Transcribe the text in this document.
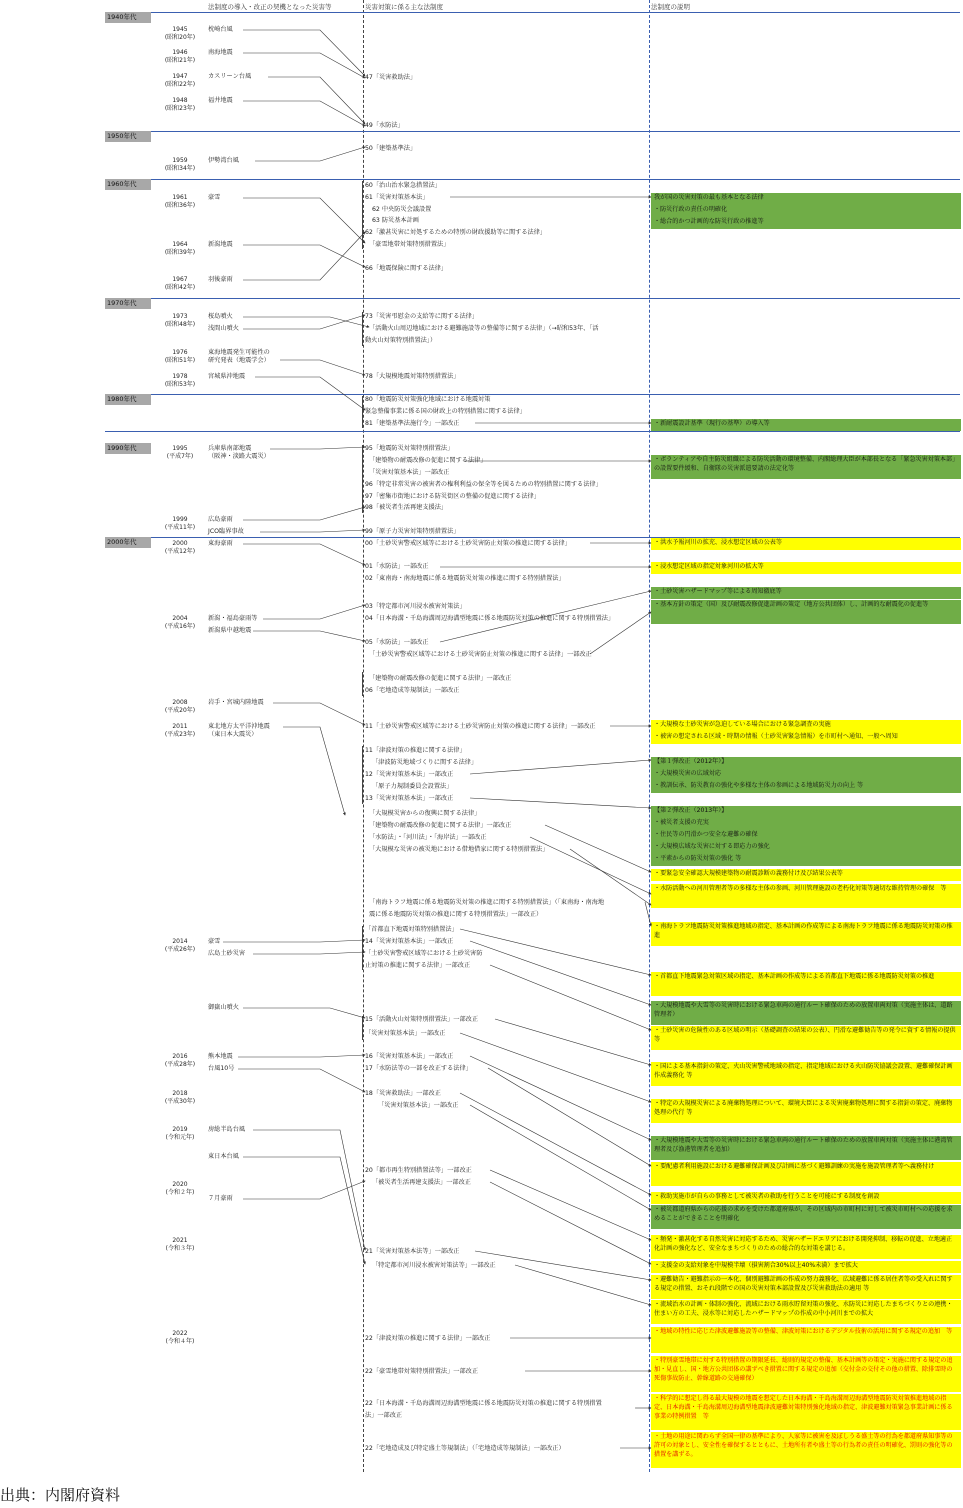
法制度の導入・改正の契機となった災害等	災害対策に係る主な法制度	法制度の説明
1940年代
1950年代
1960年代
1970年代
1980年代
1990年代
2000年代
1945
(昭和20年)
1946
(昭和21年)
1947
(昭和22年)
1948
(昭和23年)
1959
(昭和34年)
1961
(昭和36年)
1964
(昭和39年)
1967
(昭和42年)
1973
(昭和48年)
1976
(昭和51年)
1978
(昭和53年)
1995
(平成7年)
1999
(平成11年)
2000
(平成12年)
2004
(平成16年)
2008
(平成20年)
2011
(平成23年)
2014
(平成26年)
2016
(平成28年)
2018
(平成30年)
2019
(令和元年)
2020
(令和２年)
2021
(令和３年)
2022
(令和４年)
枕崎台風
南海地震
カスリーン台風
福井地震
伊勢湾台風
豪雪
新潟地震
羽後豪雨
桜島噴火
浅間山噴火
東海地震発生可能性の
研究発表（地震学会）
宮城県沖地震
兵庫県南部地震
（阪神・淡路大震災）
広島豪雨
JCO臨界事故
東海豪雨
新潟・福島豪雨等
新潟県中越地震
岩手・宮城内陸地震
東北地方太平洋沖地震
（東日本大震災）
豪雪
広島土砂災害
御嶽山噴火
熊本地震
台風10号
房総半島台風
東日本台風
７月豪雨
47「災害救助法」
49「水防法」
50「建築基準法」
60「治山治水緊急措置法」
61「災害対策基本法」
62 中央防災会議設置
63 防災基本計画
62「激甚災害に対処するための特別の財政援助等に関する法律」
「豪雪地帯対策特別措置法」
66「地震保険に関する法律」
73「災害弔慰金の支給等に関する法律」
「活動火山周辺地域における避難施設等の整備等に関する法律」（→昭和53年、「活
動火山対策特別措置法」）
78「大規模地震対策特別措置法」
80「地震防災対策強化地域における地震対策
緊急整備事業に係る国の財政上の特別措置に関する法律」
81「建築基準法施行令」一部改正
95「地震防災対策特別措置法」
「建築物の耐震改修の促進に関する法律」
「災害対策基本法」一部改正
96「特定非常災害の被害者の権利利益の保全等を図るための特別措置に関する法律」
97「密集市街地における防災街区の整備の促進に関する法律」
98「被災者生活再建支援法」
99「原子力災害対策特別措置法」
00「土砂災害警戒区域等における土砂災害防止対策の推進に関する法律」
01「水防法」一部改正
02「東南海・南海地震に係る地震防災対策の推進に関する特別措置法」
03「特定都市河川浸水被害対策法」
04「日本海溝・千島海溝周辺海溝型地震に係る地震防災対策の推進に関する特別措置法」
05「水防法」一部改正
「土砂災害警戒区域等における土砂災害防止対策の推進に関する法律」一部改正
「建築物の耐震改修の促進に関する法律」一部改正
06「宅地造成等規制法」一部改正
11「土砂災害警戒区域等における土砂災害防止対策の推進に関する法律」一部改正
11「津波対策の推進に関する法律」
「津波防災地域づくりに関する法律」
12「災害対策基本法」一部改正
「原子力規制委員会設置法」
13「災害対策基本法」一部改正
「大規模災害からの復興に関する法律」
「建築物の耐震改修の促進に関する法律」一部改正
「水防法」・「河川法」・「海岸法」一部改正
「大規模な災害の被災地における借地借家に関する特別措置法」
「南海トラフ地震に係る地震防災対策の推進に関する特別措置法」（「東南海・南海地
震に係る地震防災対策の推進に関する特別措置法」一部改正）
「首都直下地震対策特別措置法」
14「災害対策基本法」一部改正
「土砂災害警戒区域等における土砂災害防
止対策の推進に関する法律」一部改正
15「活動火山対策特別措置法」一部改正
「災害対策基本法」一部改正
16「災害対策基本法」一部改正
17「水防法等の一部を改正する法律」
18「災害救助法」一部改正
「災害対策基本法」一部改正
20「都市再生特別措置法等」一部改正
「被災者生活再建支援法」一部改正
21「災害対策基本法等」一部改正
「特定都市河川浸水被害対策法等」一部改正
22「津波対策の推進に関する法律」一部改正
22「豪雪地帯対策特別措置法」一部改正
22「日本海溝・千島海溝周辺海溝型地震に係る地震防災対策の推進に関する特別措置
法」一部改正
22「宅地造成及び特定盛土等規制法」（「宅地造成等規制法」一部改正）
我が国の災害対策の最も基本となる法律
・防災行政の責任の明確化
・総合的かつ計画的な防災行政の推進等
・新耐震設計基準（現行の基準）の導入等
・ボランティアや自主防災組織による防災活動の環境整備、内閣総理大臣が本部長となる「緊急災害対策本部」の設置要件緩和、自衛隊の災害派遣要請の法定化等
・洪水予報河川の拡充、浸水想定区域の公表等
・浸水想定区域の指定対象河川の拡大等
・土砂災害ハザードマップ等による周知徹底等
・基本方針の策定（国）及び耐震改修促進計画の策定（地方公共団体）し、計画的な耐震化の促進等
・大規模な土砂災害が急迫している場合における緊急調査の実施
・被害の想定される区域・時期の情報（土砂災害緊急情報）を市町村へ通知、一般へ周知
【第１弾改正（2012年）】
・大規模災害の広域対応
・教訓伝承、防災教育の強化や多様な主体の参画による地域防災力の向上 等
【第２弾改正（2013年）】
・被災者支援の充実
・住民等の円滑かつ安全な避難の確保
・大規模広域な災害に対する即応力の強化
・平素からの防災対策の強化 等
・要緊急安全確認大規模建築物の耐震診断の義務付け及び結果公表等
・水防活動への河川管理者等の多様な主体の参画、河川管理施設の老朽化対策等適切な維持管理の確保　等
・南海トラフ地震防災対策推進地域の指定、基本計画の作成等による南海トラフ地震に係る地震防災対策の推進
・首都直下地震緊急対策区域の指定、基本計画の作成等による首都直下地震に係る地震防災対策の推進
・大規模地震や大雪等の災害時における緊急車両の通行ルート確保のための放置車両対策（実施主体は、道路管理者）
・土砂災害の危険性のある区域の明示（基礎調査の結果の公表）、円滑な避難勧告等の発令に資する情報の提供 等
・国による基本指針の策定、火山災害警戒地域の指定、指定地域における火山防災協議会設置、避難確保計画作成義務化 等
・特定の大規模災害による廃棄物処理について、環境大臣による災害廃棄物処理に関する指針の策定、廃棄物処理の代行 等
・大規模地震や大雪等の災害時における緊急車両の通行ルート確保のための放置車両対策（実施主体に港湾管理者及び漁港管理者を追加）
・要配慮者利用施設における避難確保計画及び計画に基づく避難訓練の実施を施設管理者等へ義務付け
・救助実施市が自らの事務として被災者の救助を行うことを可能にする制度を創設
・被災都道府県からの応援の求めを受けた都道府県が、その区域内の市町村に対して被災市町村への応援を求めることができることを明確化
・頻発・激甚化する自然災害に対応するため、災害ハザードエリアにおける開発抑制、移転の促進、立地適正化計画の強化など、安全なまちづくりのための総合的な対策を講じる。
・支援金の支給対象を中規模半壊（損害割合30%以上40%未満）まで拡大
・避難勧告・避難指示の一本化、個別避難計画の作成の努力義務化、広域避難に係る居住者等の受入れに関する規定の措置、おそれ段階での国の災害対策本部設置及び災害救助法の適用 等
・流域治水の計画・体制の強化、流域における雨水貯留対策の強化、水防災に対応したまちづくりとの連携・住まい方の工夫、浸水等に対応したハザードマップの作成の中小河川までの拡大
・地域の特性に応じた津波避難施設等の整備、津波対策におけるデジタル技術の活用に関する規定の追加　等
・特別豪雪地帯に対する特別措置の期限延長、総則的規定の整備、基本計画等の策定・実施に関する規定の追加・見直し、国・地方公共団体の講ずべき措置に関する規定の追加（交付金の交付その他の措置、除排雪時の死傷事故防止、幹線道路の交通確保）
・科学的に想定し得る最大規模の地震を想定した日本海溝・千島海溝周辺海溝型地震防災対策推進地域の指定、日本海溝・千島海溝周辺海溝型地震津波避難対策特別強化地域の指定、津波避難対策緊急事業計画に係る事業の特例措置　等
・土地の用途に関わらず全国一律の基準により、人家等に被害を及ぼしうる盛土等の行為を都道府県知事等の許可の対象とし、安全性を確保するとともに、土地所有者や盛土等の行為者の責任の明確化、罰則の強化等の措置を講ずる。
出典：内閣府資料
